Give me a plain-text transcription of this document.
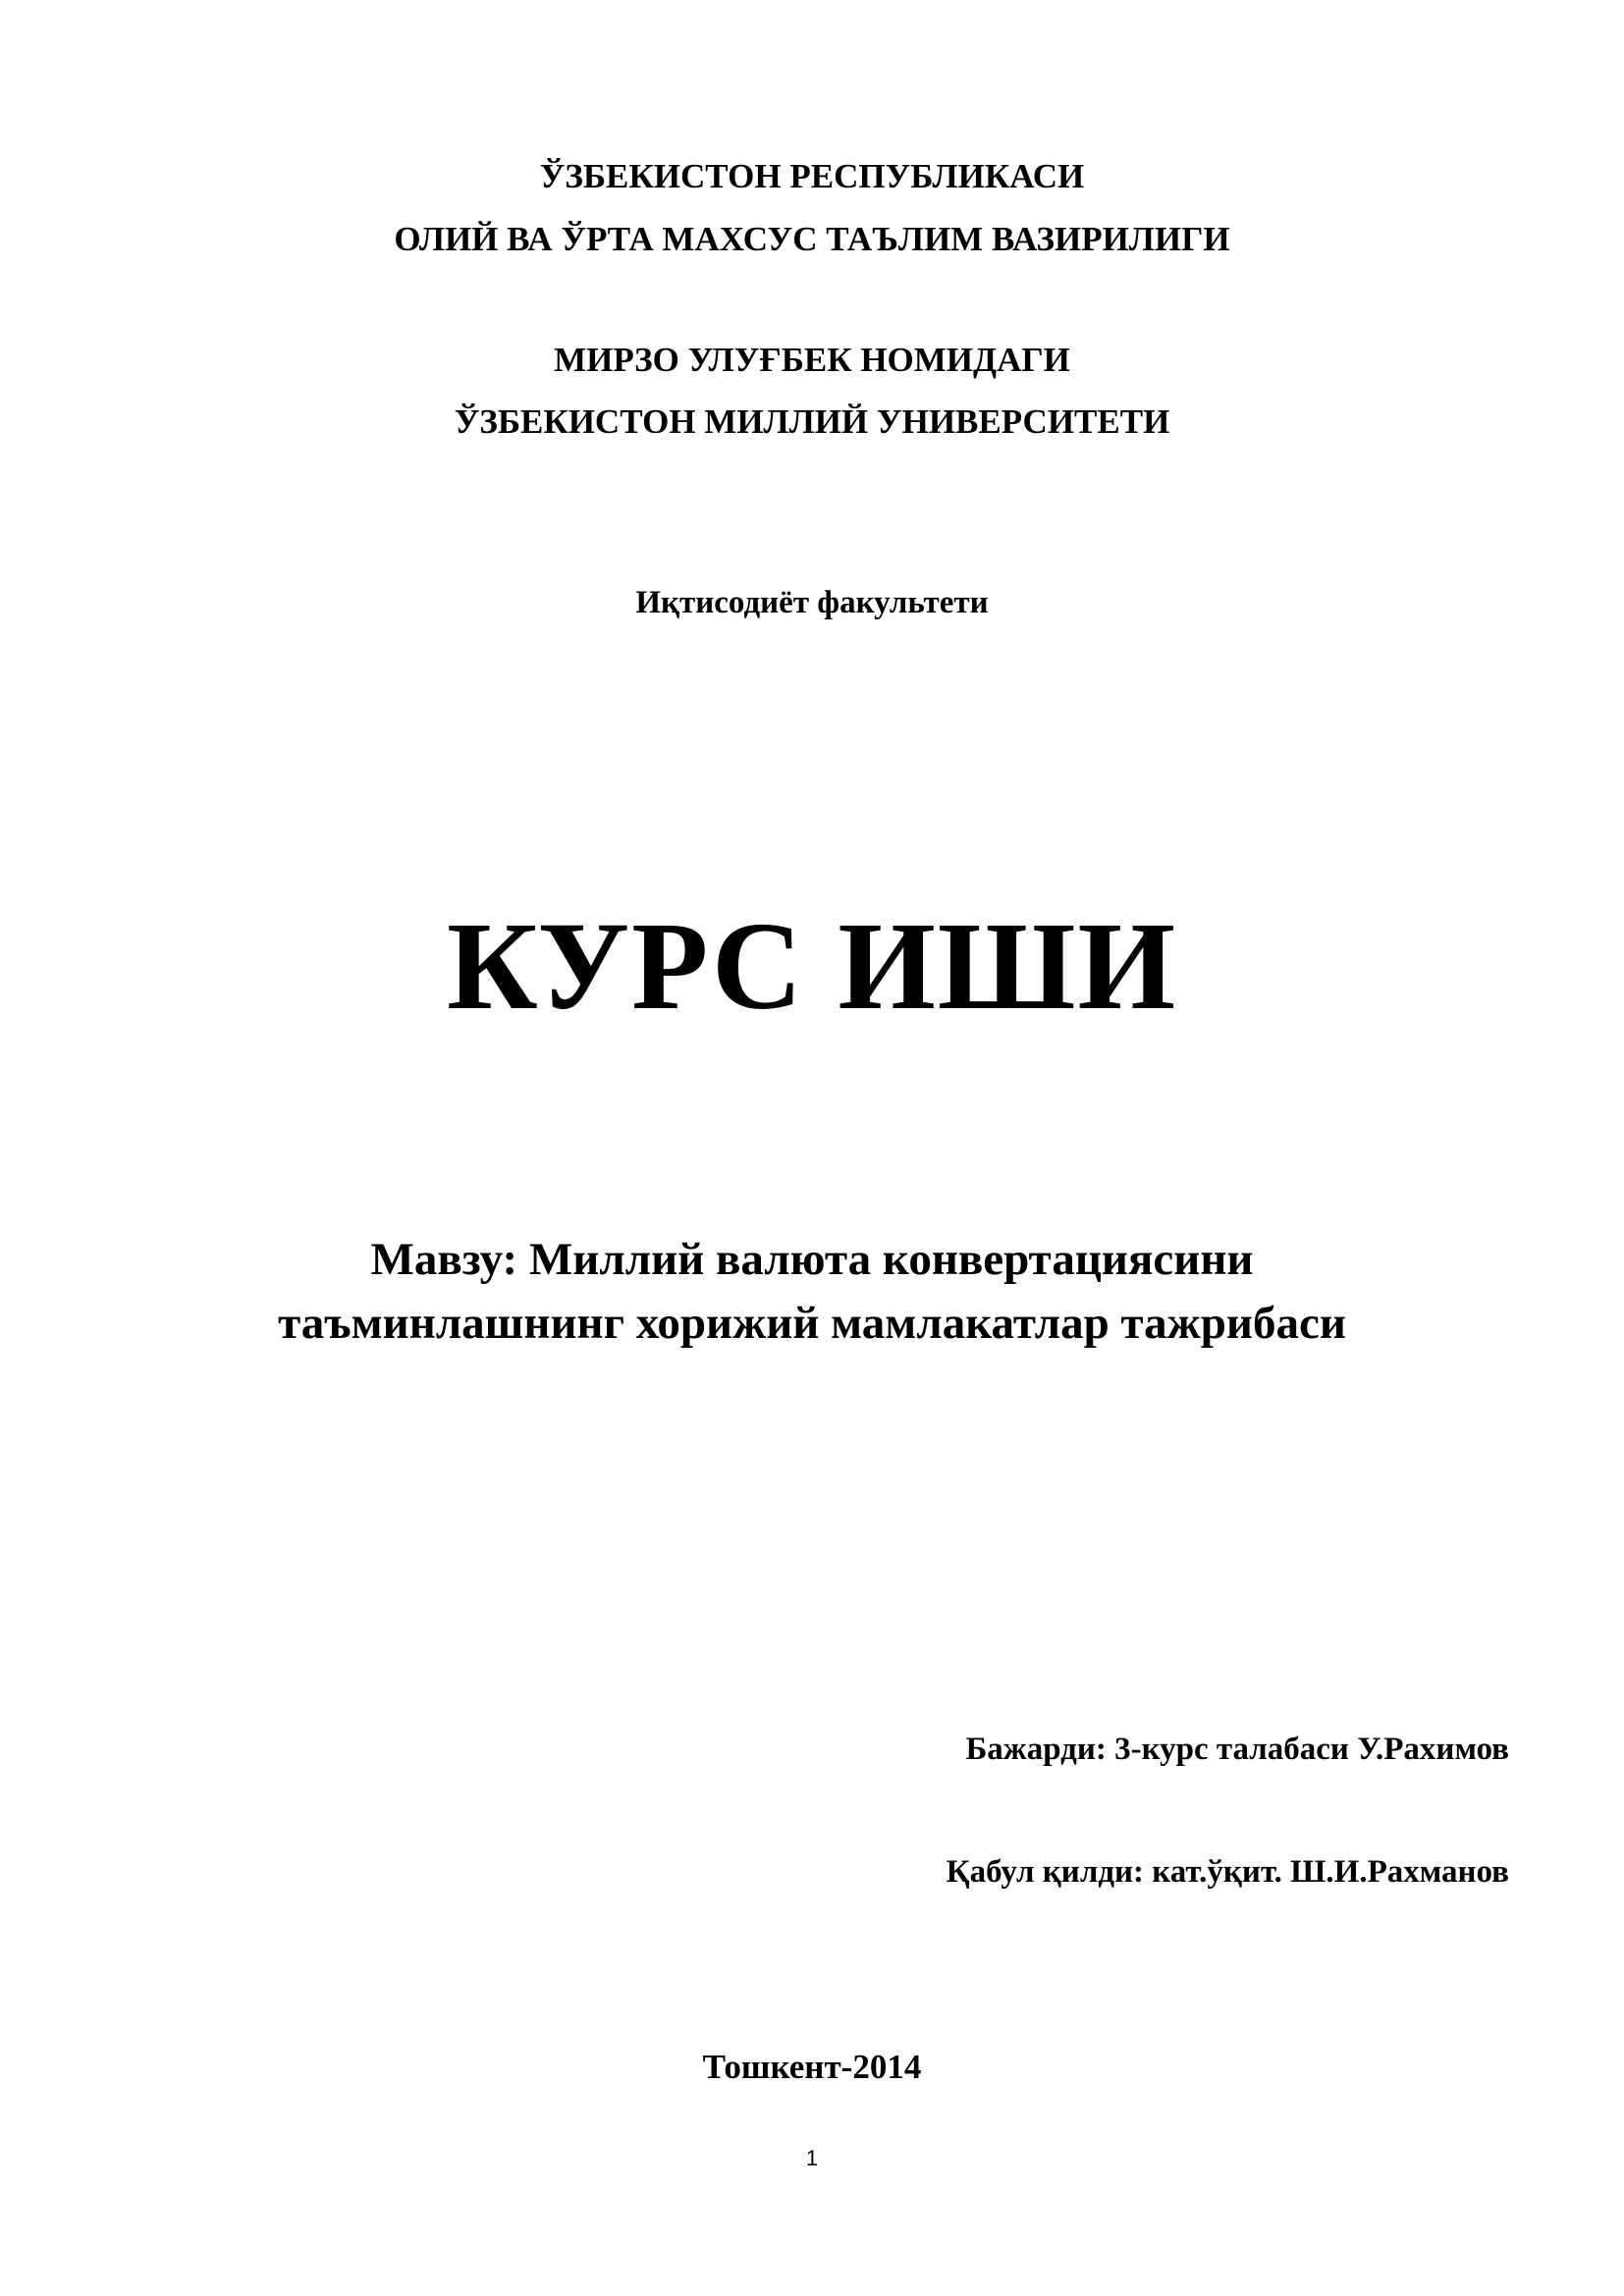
ЎЗБЕКИСТОН РЕСПУБЛИКАСИ
ОЛИЙ ВА ЎРТА МАХСУС ТАЪЛИМ ВАЗИРИЛИГИ
МИРЗО УЛУҒБЕК НОМИДАГИ
ЎЗБЕКИСТОН МИЛЛИЙ УНИВЕРСИТЕТИ
Иқтисодиёт факультети
КУРС ИШИ
Мавзу: Миллий валюта конвертациясини
таъминлашнинг хорижий мамлакатлар тажрибаси
Бажарди: 3-курс талабаси У.Рахимов
Қабул қилди: кат.ўқит. Ш.И.Рахманов
Тошкент-2014
1
